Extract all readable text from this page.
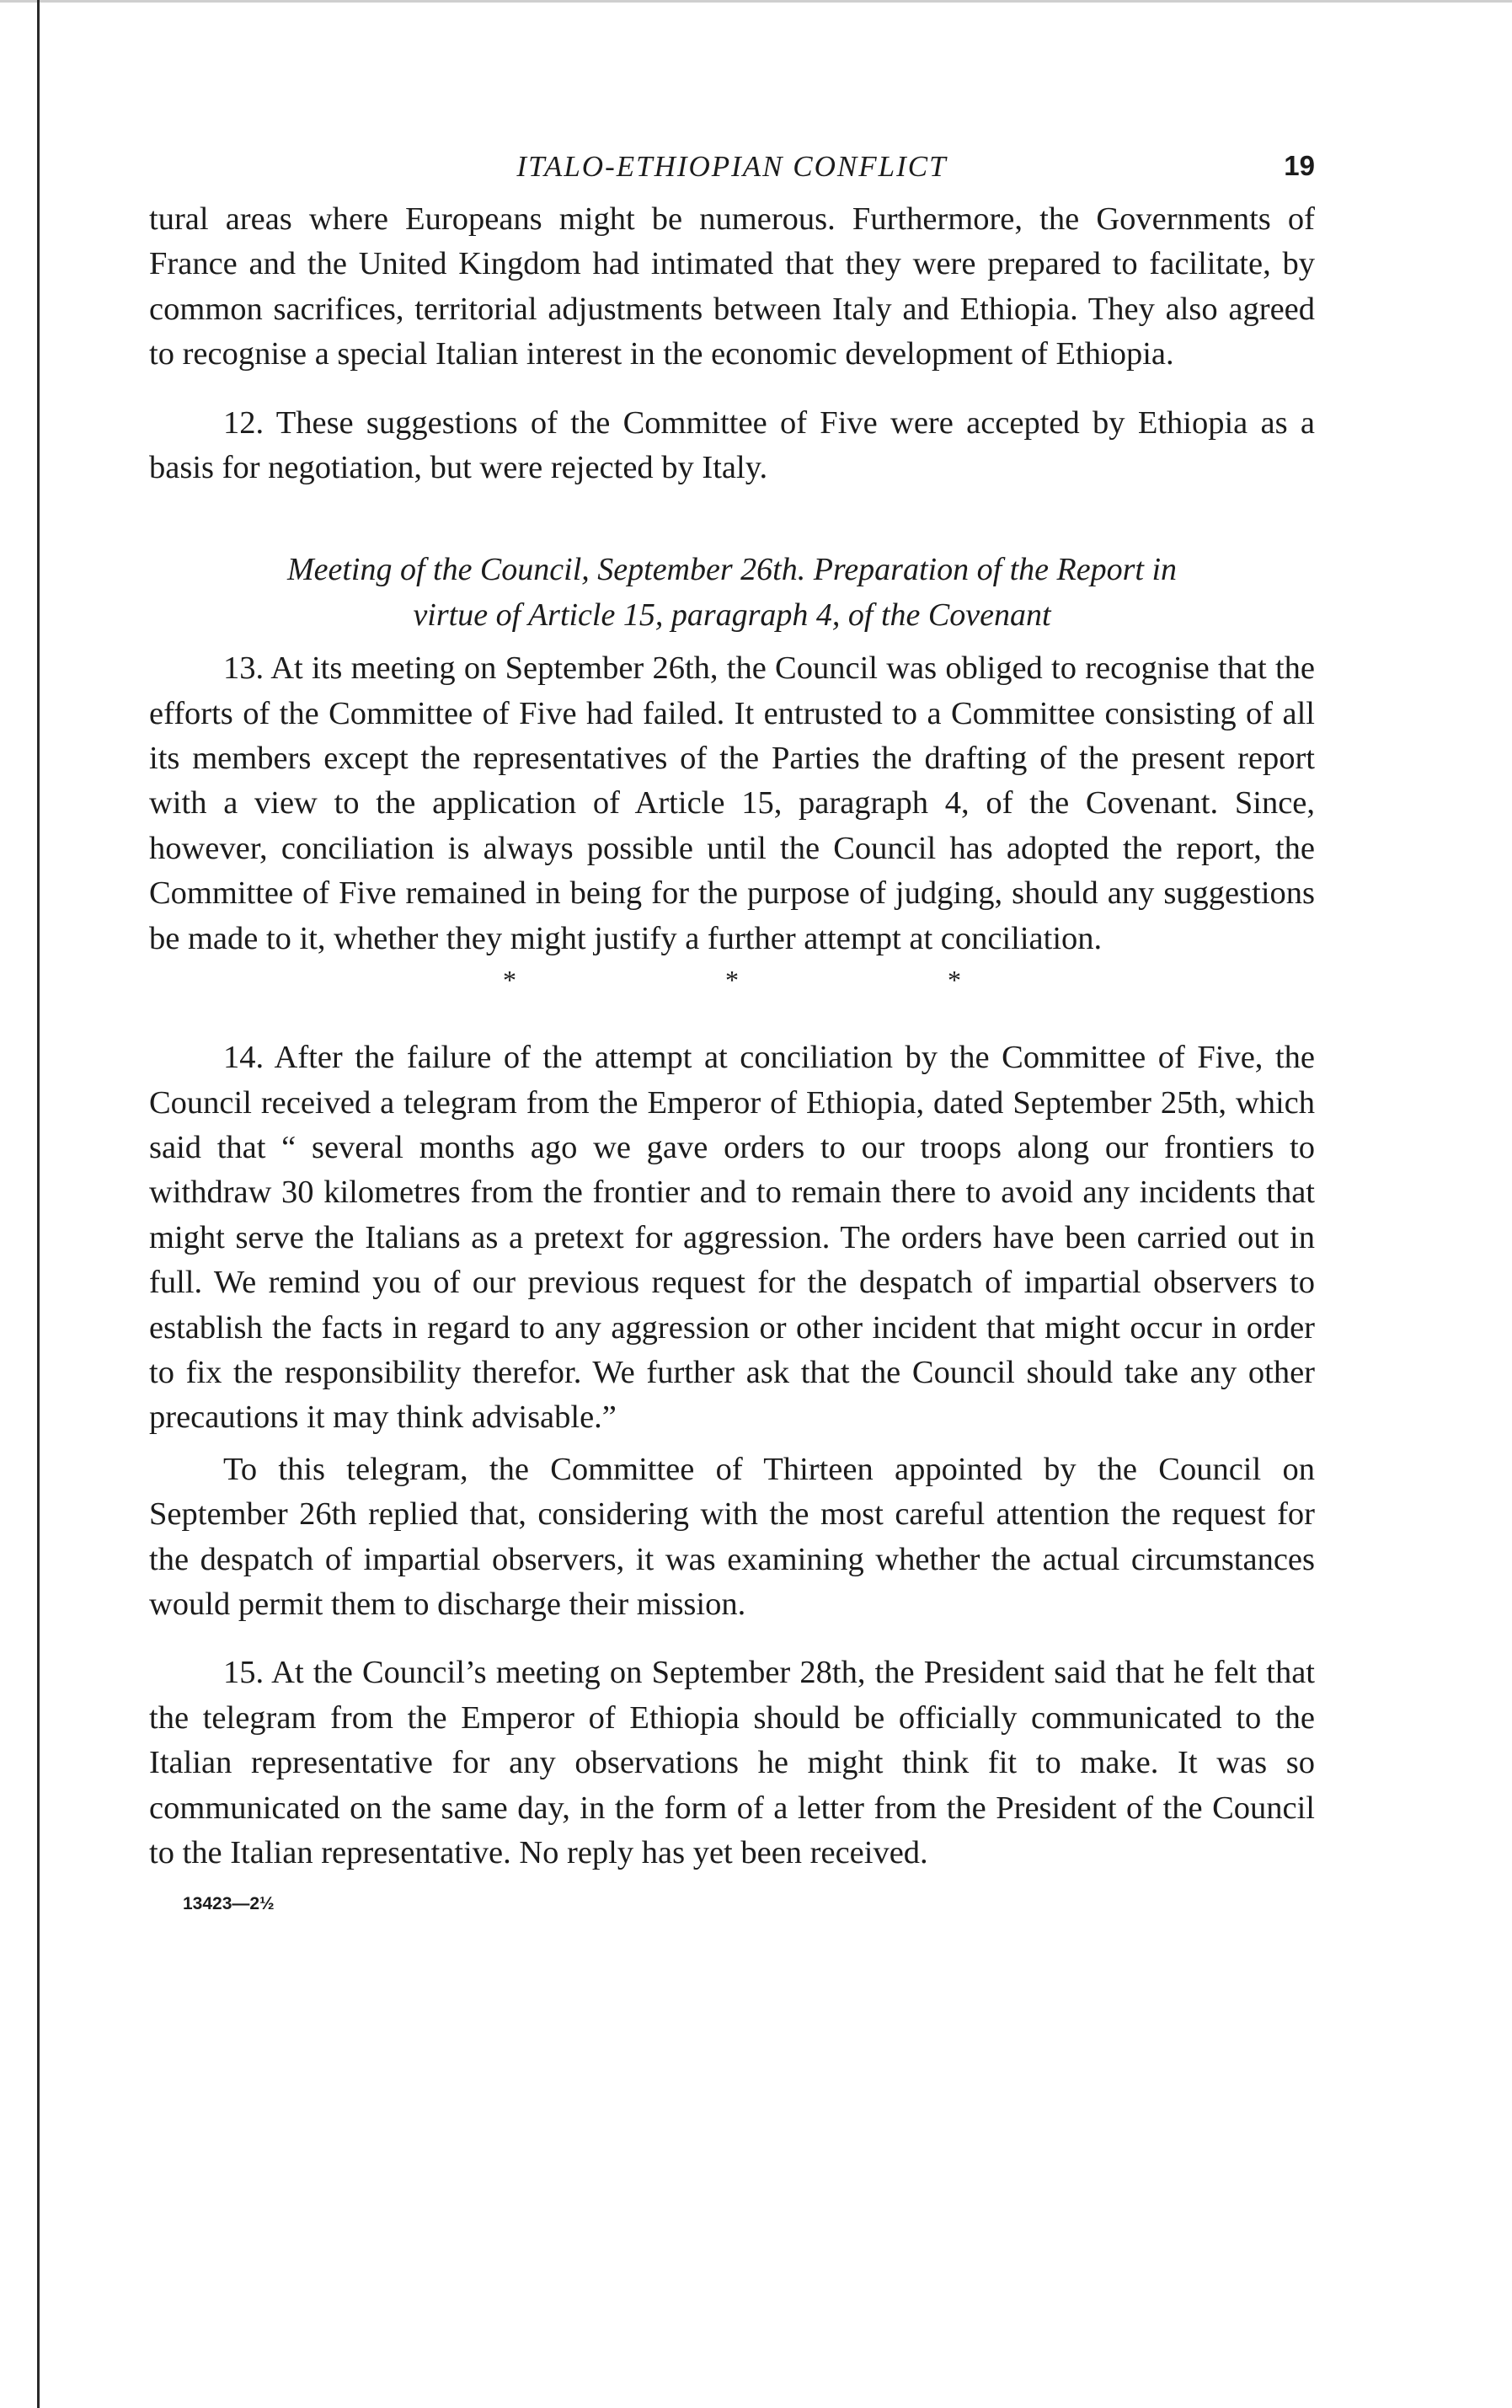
ITALO-ETHIOPIAN CONFLICT	19

tural areas where Europeans might be numerous. Furthermore, the Governments of France and the United Kingdom had intimated that they were prepared to facilitate, by common sacrifices, territorial adjustments between Italy and Ethiopia. They also agreed to recognise a special Italian interest in the economic development of Ethiopia.

12. These suggestions of the Committee of Five were accepted by Ethiopia as a basis for negotiation, but were rejected by Italy.

Meeting of the Council, September 26th. Preparation of the Report in
virtue of Article 15, paragraph 4, of the Covenant

13. At its meeting on September 26th, the Council was obliged to recognise that the efforts of the Committee of Five had failed. It entrusted to a Committee consisting of all its members except the representatives of the Parties the drafting of the present report with a view to the application of Article 15, paragraph 4, of the Covenant. Since, however, conciliation is always possible until the Council has adopted the report, the Committee of Five remained in being for the purpose of judging, should any suggestions be made to it, whether they might justify a further attempt at conciliation.

* * *

14. After the failure of the attempt at conciliation by the Committee of Five, the Council received a telegram from the Emperor of Ethiopia, dated September 25th, which said that “ several months ago we gave orders to our troops along our frontiers to withdraw 30 kilometres from the frontier and to remain there to avoid any incidents that might serve the Italians as a pretext for aggression. The orders have been carried out in full. We remind you of our previous request for the despatch of impartial observers to establish the facts in regard to any aggression or other incident that might occur in order to fix the responsibility therefor. We further ask that the Council should take any other precautions it may think advisable.”

To this telegram, the Committee of Thirteen appointed by the Council on September 26th replied that, considering with the most careful attention the request for the despatch of impartial observers, it was examining whether the actual circumstances would permit them to discharge their mission.

15. At the Council’s meeting on September 28th, the President said that he felt that the telegram from the Emperor of Ethiopia should be officially communicated to the Italian representative for any observations he might think fit to make. It was so communicated on the same day, in the form of a letter from the President of the Council to the Italian representative. No reply has yet been received.

13423—2½
